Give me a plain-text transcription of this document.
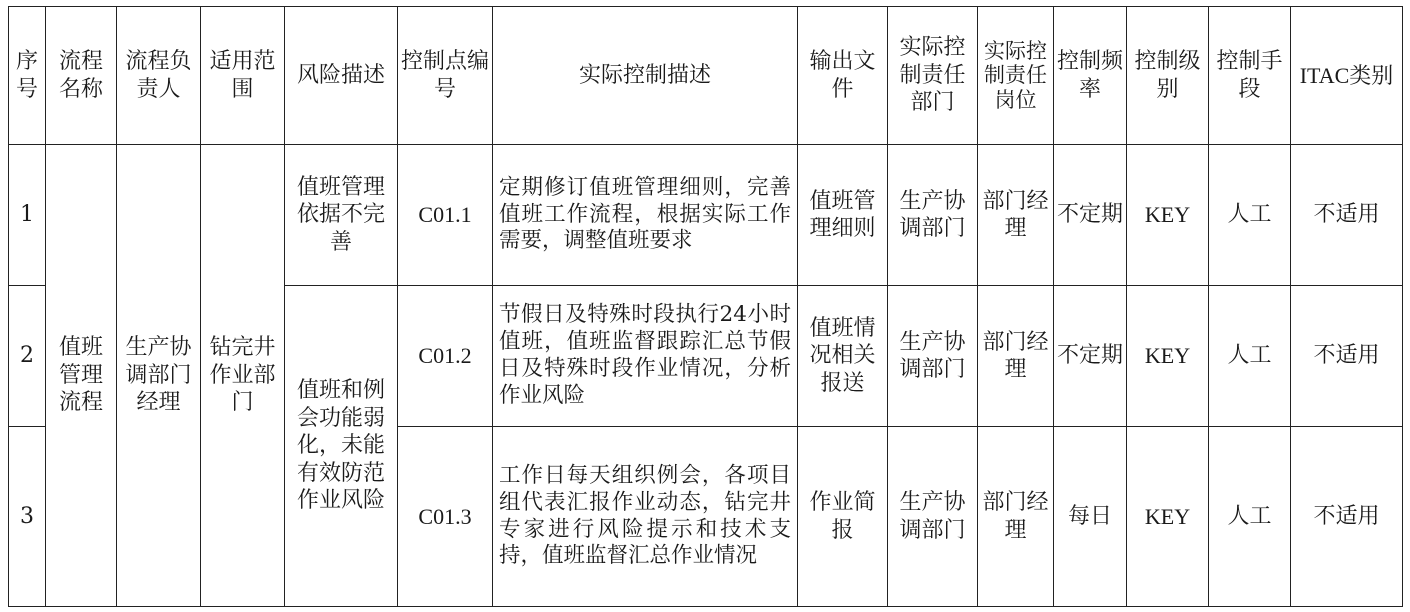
序号	流程名称	流程负责人	适用范围	风险描述	控制点编号	实际控制描述	输出文件	实际控制责任部门	实际控制责任岗位	控制频率	控制级别	控制手段	ITAC类别
1	值班管理流程	生产协调部门经理	钻完井作业部门	值班管理依据不完善	C01.1	定期修订值班管理细则，完善值班工作流程，根据实际工作需要，调整值班要求	值班管理细则	生产协调部门	部门经理	不定期	KEY	人工	不适用
2				值班和例会功能弱化，未能有效防范作业风险	C01.2	节假日及特殊时段执行24小时值班，值班监督跟踪汇总节假日及特殊时段作业情况，分析作业风险	值班情况相关报送	生产协调部门	部门经理	不定期	KEY	人工	不适用
3					C01.3	工作日每天组织例会，各项目组代表汇报作业动态，钻完井专家进行风险提示和技术支持，值班监督汇总作业情况	作业简报	生产协调部门	部门经理	每日	KEY	人工	不适用
